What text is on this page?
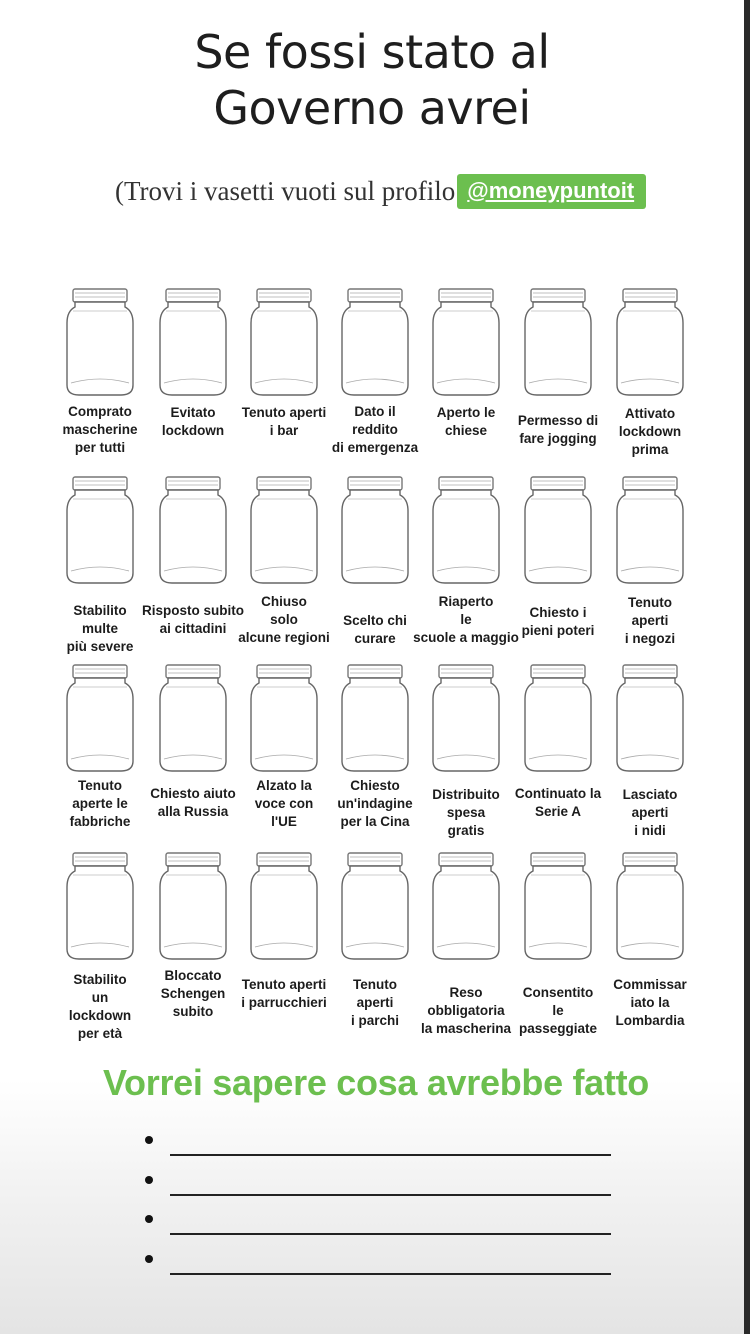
Se fossi stato al
Governo avrei
(Trovi i vasetti vuoti sul profilo @moneypuntoit
Comprato
mascherine
per tutti
Evitato
lockdown
Tenuto aperti
i bar
Dato il
reddito
di emergenza
Aperto le
chiese
Permesso di
fare jogging
Attivato
lockdown
prima
Stabilito
multe
più severe
Risposto subito
ai cittadini
Chiuso
solo
alcune regioni
Scelto chi
curare
Riaperto
le
scuole a maggio
Chiesto i
pieni poteri
Tenuto
aperti
i negozi
Tenuto
aperte le
fabbriche
Chiesto aiuto
alla Russia
Alzato la
voce con
l'UE
Chiesto
un'indagine
per la Cina
Distribuito
spesa
gratis
Continuato la
Serie A
Lasciato
aperti
i nidi
Stabilito
un
lockdown
per età
Bloccato
Schengen
subito
Tenuto aperti
i parrucchieri
Tenuto
aperti
i parchi
Reso
obbligatoria
la mascherina
Consentito
le
passeggiate
Commissar
iato la
Lombardia
Vorrei sapere cosa avrebbe fatto
